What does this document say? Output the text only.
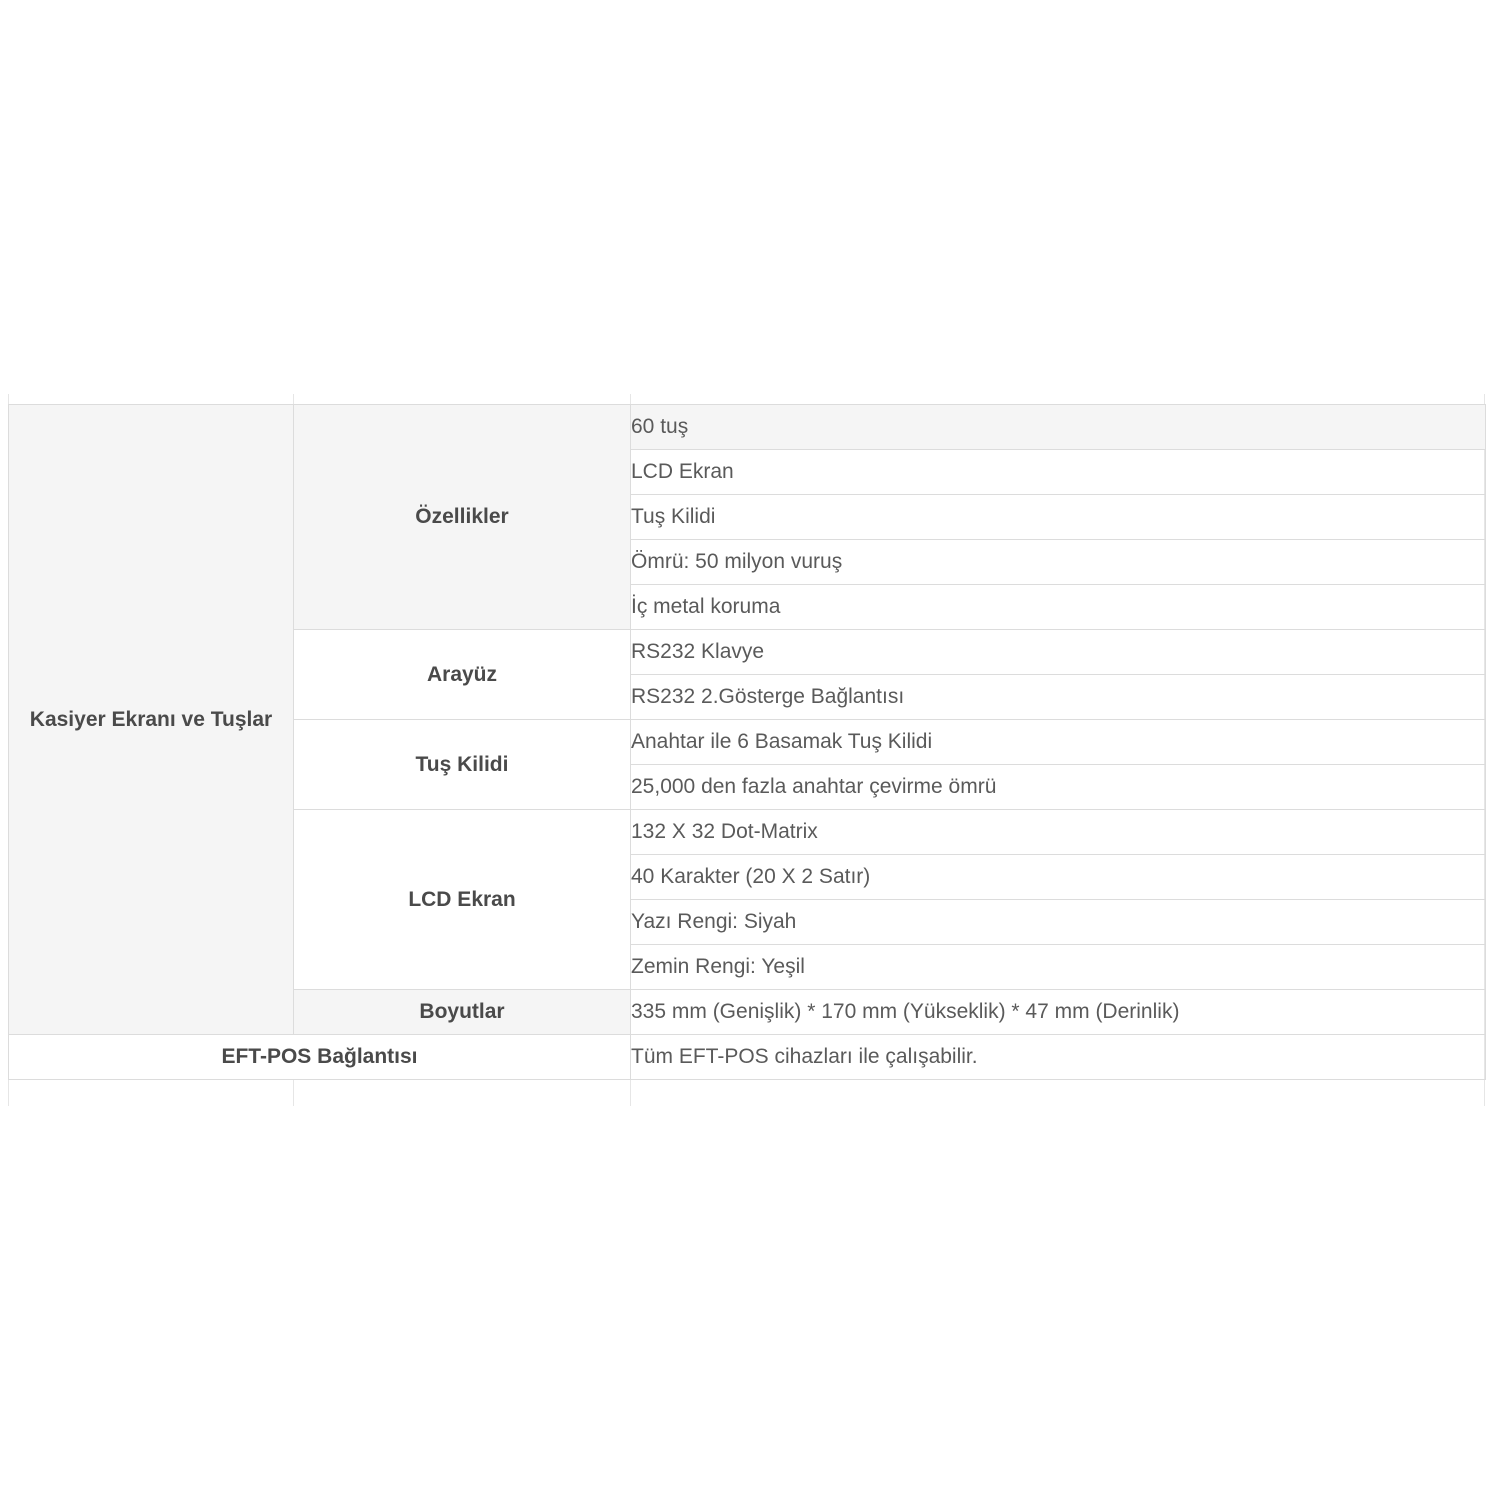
Kasiyer Ekranı ve Tuşlar	Özellikler	60 tuş
		LCD Ekran
		Tuş Kilidi
		Ömrü: 50 milyon vuruş
		İç metal koruma
	Arayüz	RS232 Klavye
		RS232 2.Gösterge Bağlantısı
	Tuş Kilidi	Anahtar ile 6 Basamak Tuş Kilidi
		25,000 den fazla anahtar çevirme ömrü
	LCD Ekran	132 X 32 Dot-Matrix
		40 Karakter (20 X 2 Satır)
		Yazı Rengi: Siyah
		Zemin Rengi: Yeşil
	Boyutlar	335 mm (Genişlik) * 170 mm (Yükseklik) * 47 mm (Derinlik)
EFT-POS Bağlantısı		Tüm EFT-POS cihazları ile çalışabilir.
